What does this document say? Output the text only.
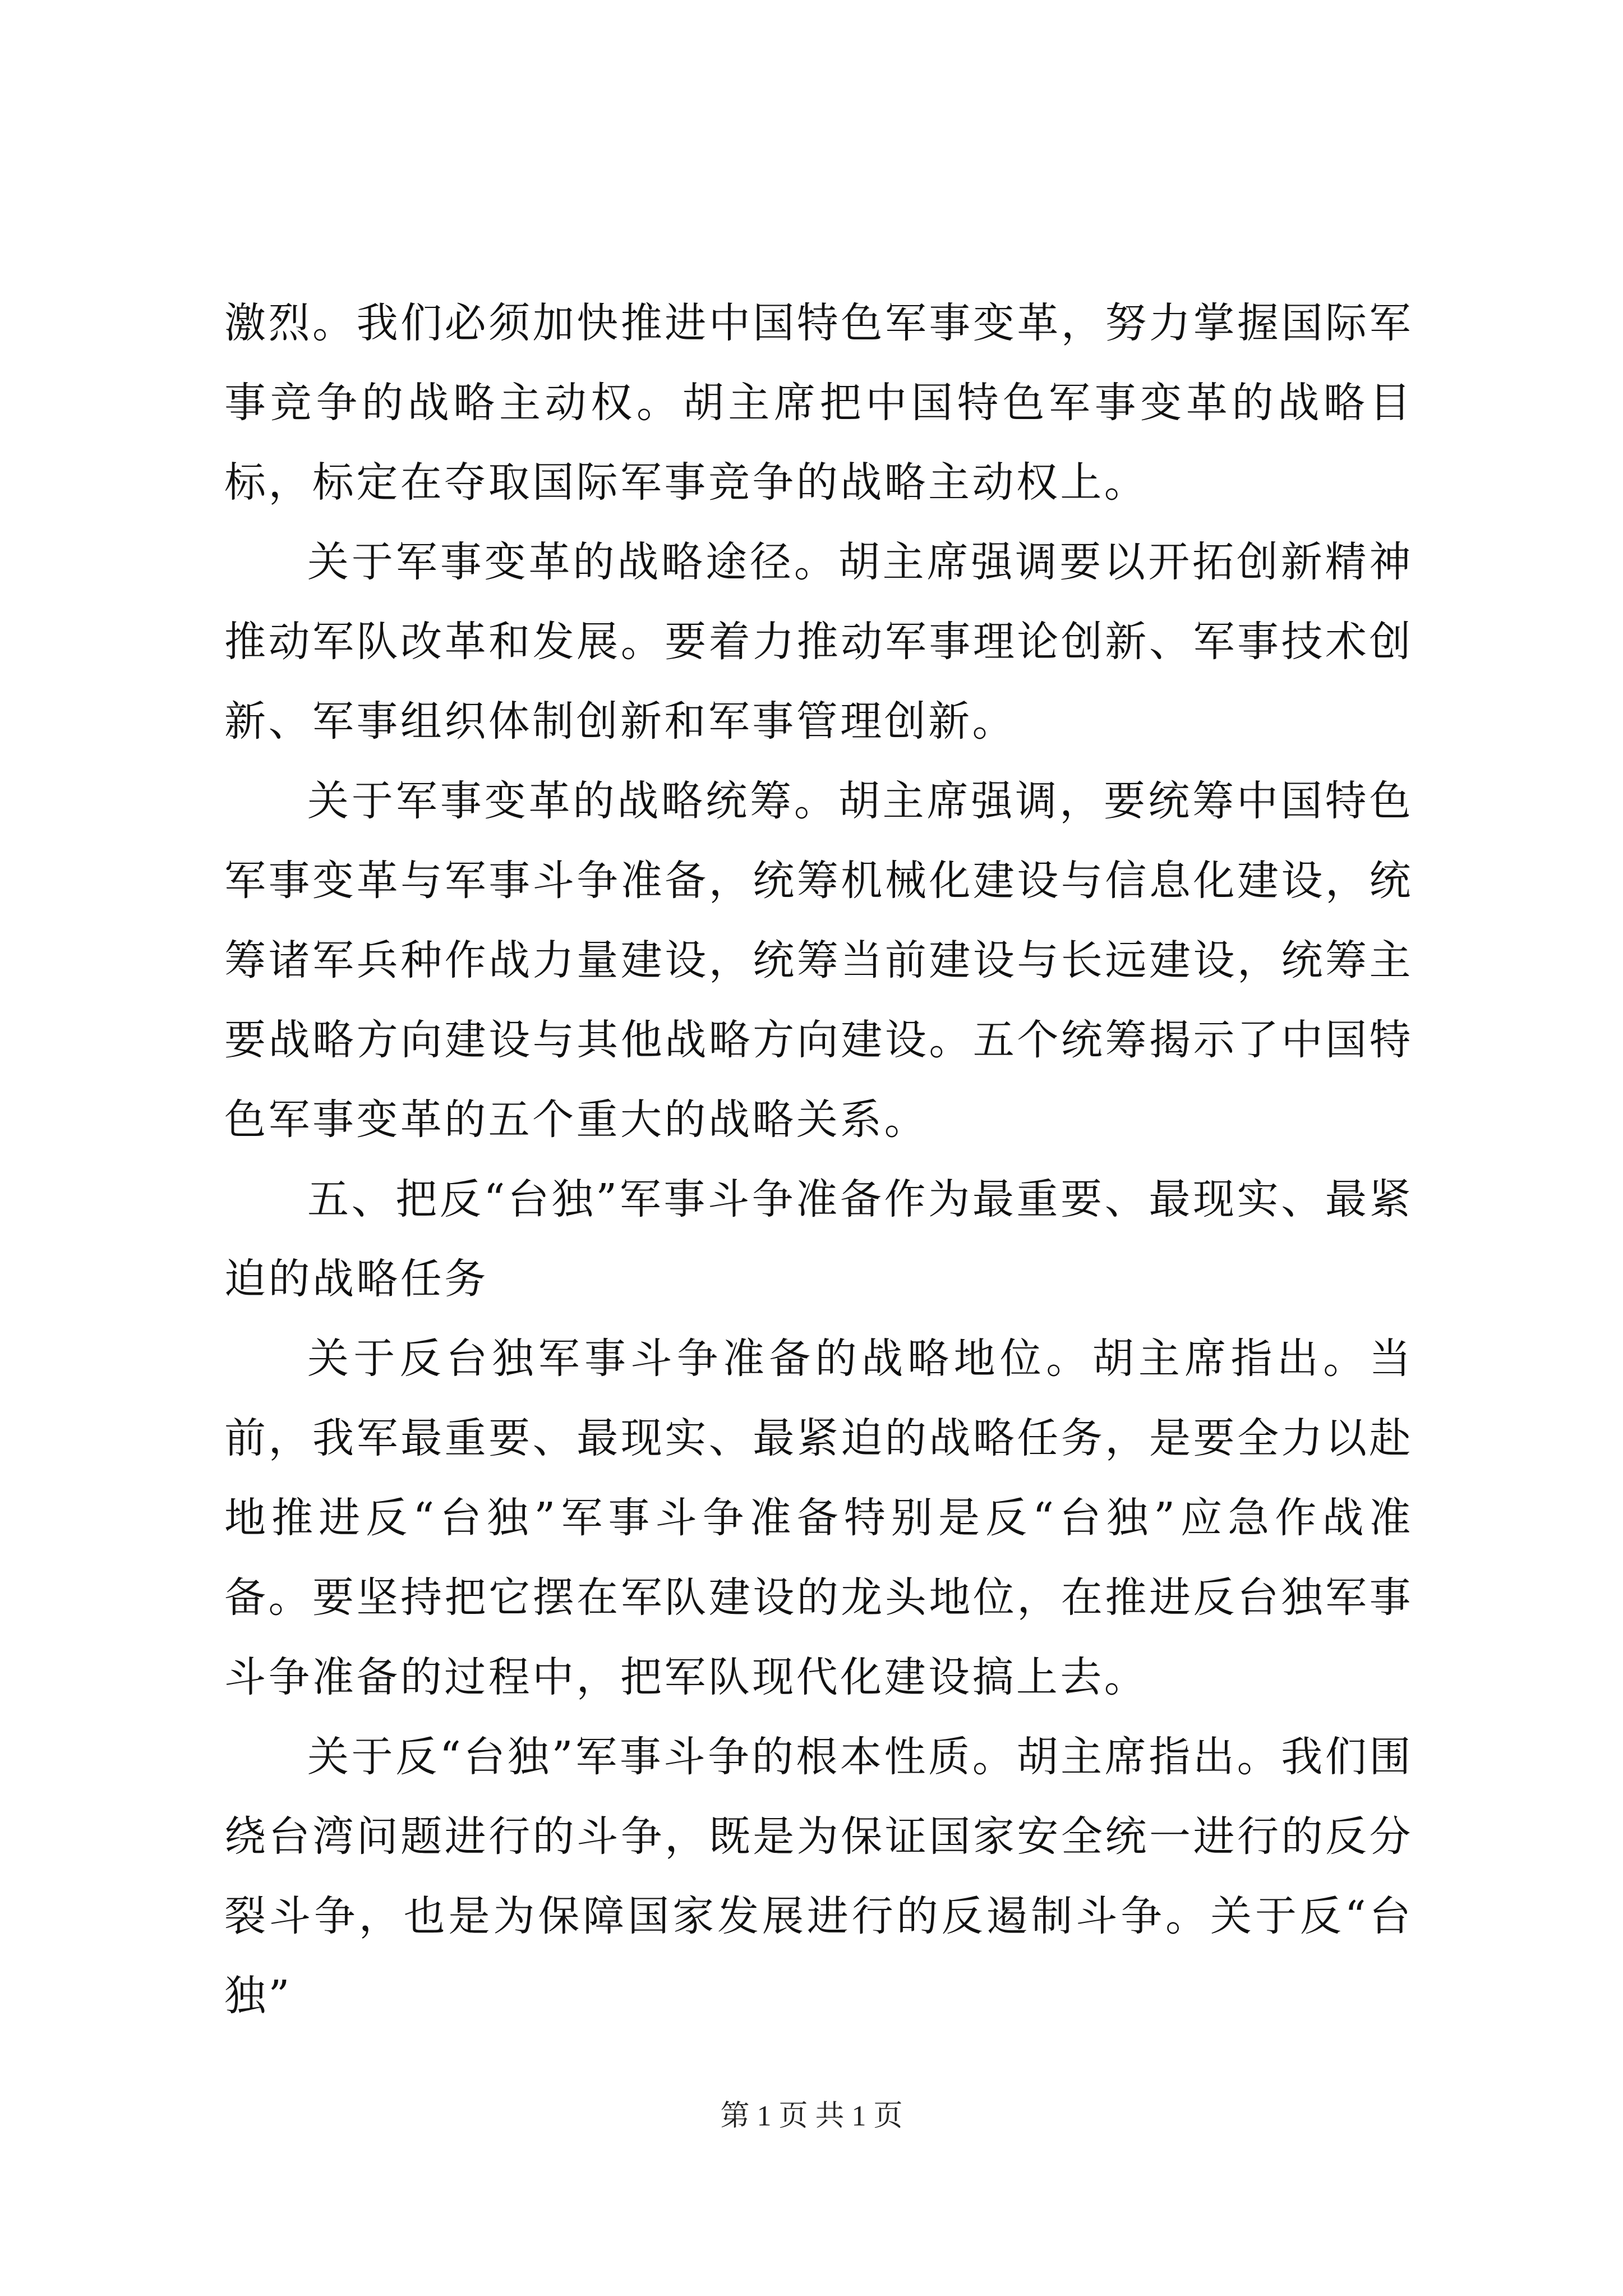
激烈。我们必须加快推进中国特色军事变革，努力掌握国际军事竞争的战略主动权。胡主席把中国特色军事变革的战略目标，标定在夺取国际军事竞争的战略主动权上。

关于军事变革的战略途径。胡主席强调要以开拓创新精神推动军队改革和发展。要着力推动军事理论创新、军事技术创新、军事组织体制创新和军事管理创新。

关于军事变革的战略统筹。胡主席强调，要统筹中国特色军事变革与军事斗争准备，统筹机械化建设与信息化建设，统筹诸军兵种作战力量建设，统筹当前建设与长远建设，统筹主要战略方向建设与其他战略方向建设。五个统筹揭示了中国特色军事变革的五个重大的战略关系。

五、把反“台独”军事斗争准备作为最重要、最现实、最紧迫的战略任务

关于反台独军事斗争准备的战略地位。胡主席指出。当前，我军最重要、最现实、最紧迫的战略任务，是要全力以赴地推进反“台独”军事斗争准备特别是反“台独”应急作战准备。要坚持把它摆在军队建设的龙头地位，在推进反台独军事斗争准备的过程中，把军队现代化建设搞上去。

关于反“台独”军事斗争的根本性质。胡主席指出。我们围绕台湾问题进行的斗争，既是为保证国家安全统一进行的反分裂斗争，也是为保障国家发展进行的反遏制斗争。关于反“台独”

第 1 页 共 1 页
